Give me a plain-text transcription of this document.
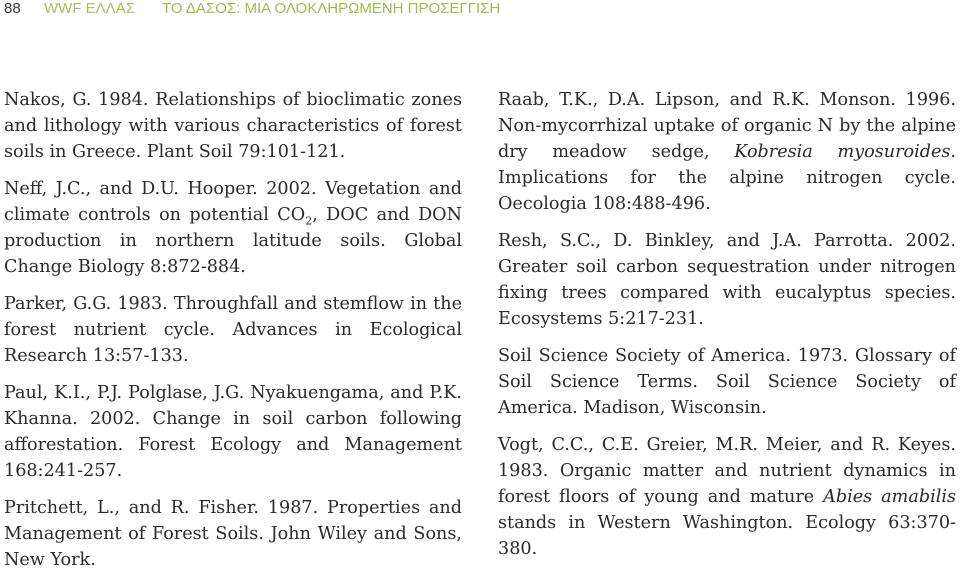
88 WWF ΕΛΛΑΣ ΤΟ ΔΑΣΟΣ: ΜΙΑ ΟΛΟΚΛΗΡΩΜΕΝΗ ΠΡΟΣΕΓΓΙΣΗ

Nakos, G. 1984. Relationships of bioclimatic zones and lithology with various characteristics of forest soils in Greece. Plant Soil 79:101-121.

Neff, J.C., and D.U. Hooper. 2002. Vegetation and climate controls on potential $CO_2$, DOC and DON production in northern latitude soils. Global Change Biology 8:872-884.

Parker, G.G. 1983. Throughfall and stemflow in the forest nutrient cycle. Advances in Ecological Research 13:57-133.

Paul, K.I., P.J. Polglase, J.G. Nyakuengama, and P.K. Khanna. 2002. Change in soil carbon following afforestation. Forest Ecology and Management 168:241-257.

Pritchett, L., and R. Fisher. 1987. Properties and Management of Forest Soils. John Wiley and Sons, New York.

Raab, T.K., D.A. Lipson, and R.K. Monson. 1996. Non-mycorrhizal uptake of organic N by the alpine dry meadow sedge, Kobresia myosuroides. Implications for the alpine nitrogen cycle. Oecologia 108:488-496.

Resh, S.C., D. Binkley, and J.A. Parrotta. 2002. Greater soil carbon sequestration under nitrogen fixing trees compared with eucalyptus species. Ecosystems 5:217-231.

Soil Science Society of America. 1973. Glossary of Soil Science Terms. Soil Science Society of America. Madison, Wisconsin.

Vogt, C.C., C.E. Greier, M.R. Meier, and R. Keyes. 1983. Organic matter and nutrient dynamics in forest floors of young and mature Abies amabilis stands in Western Washington. Ecology 63:370-380.
